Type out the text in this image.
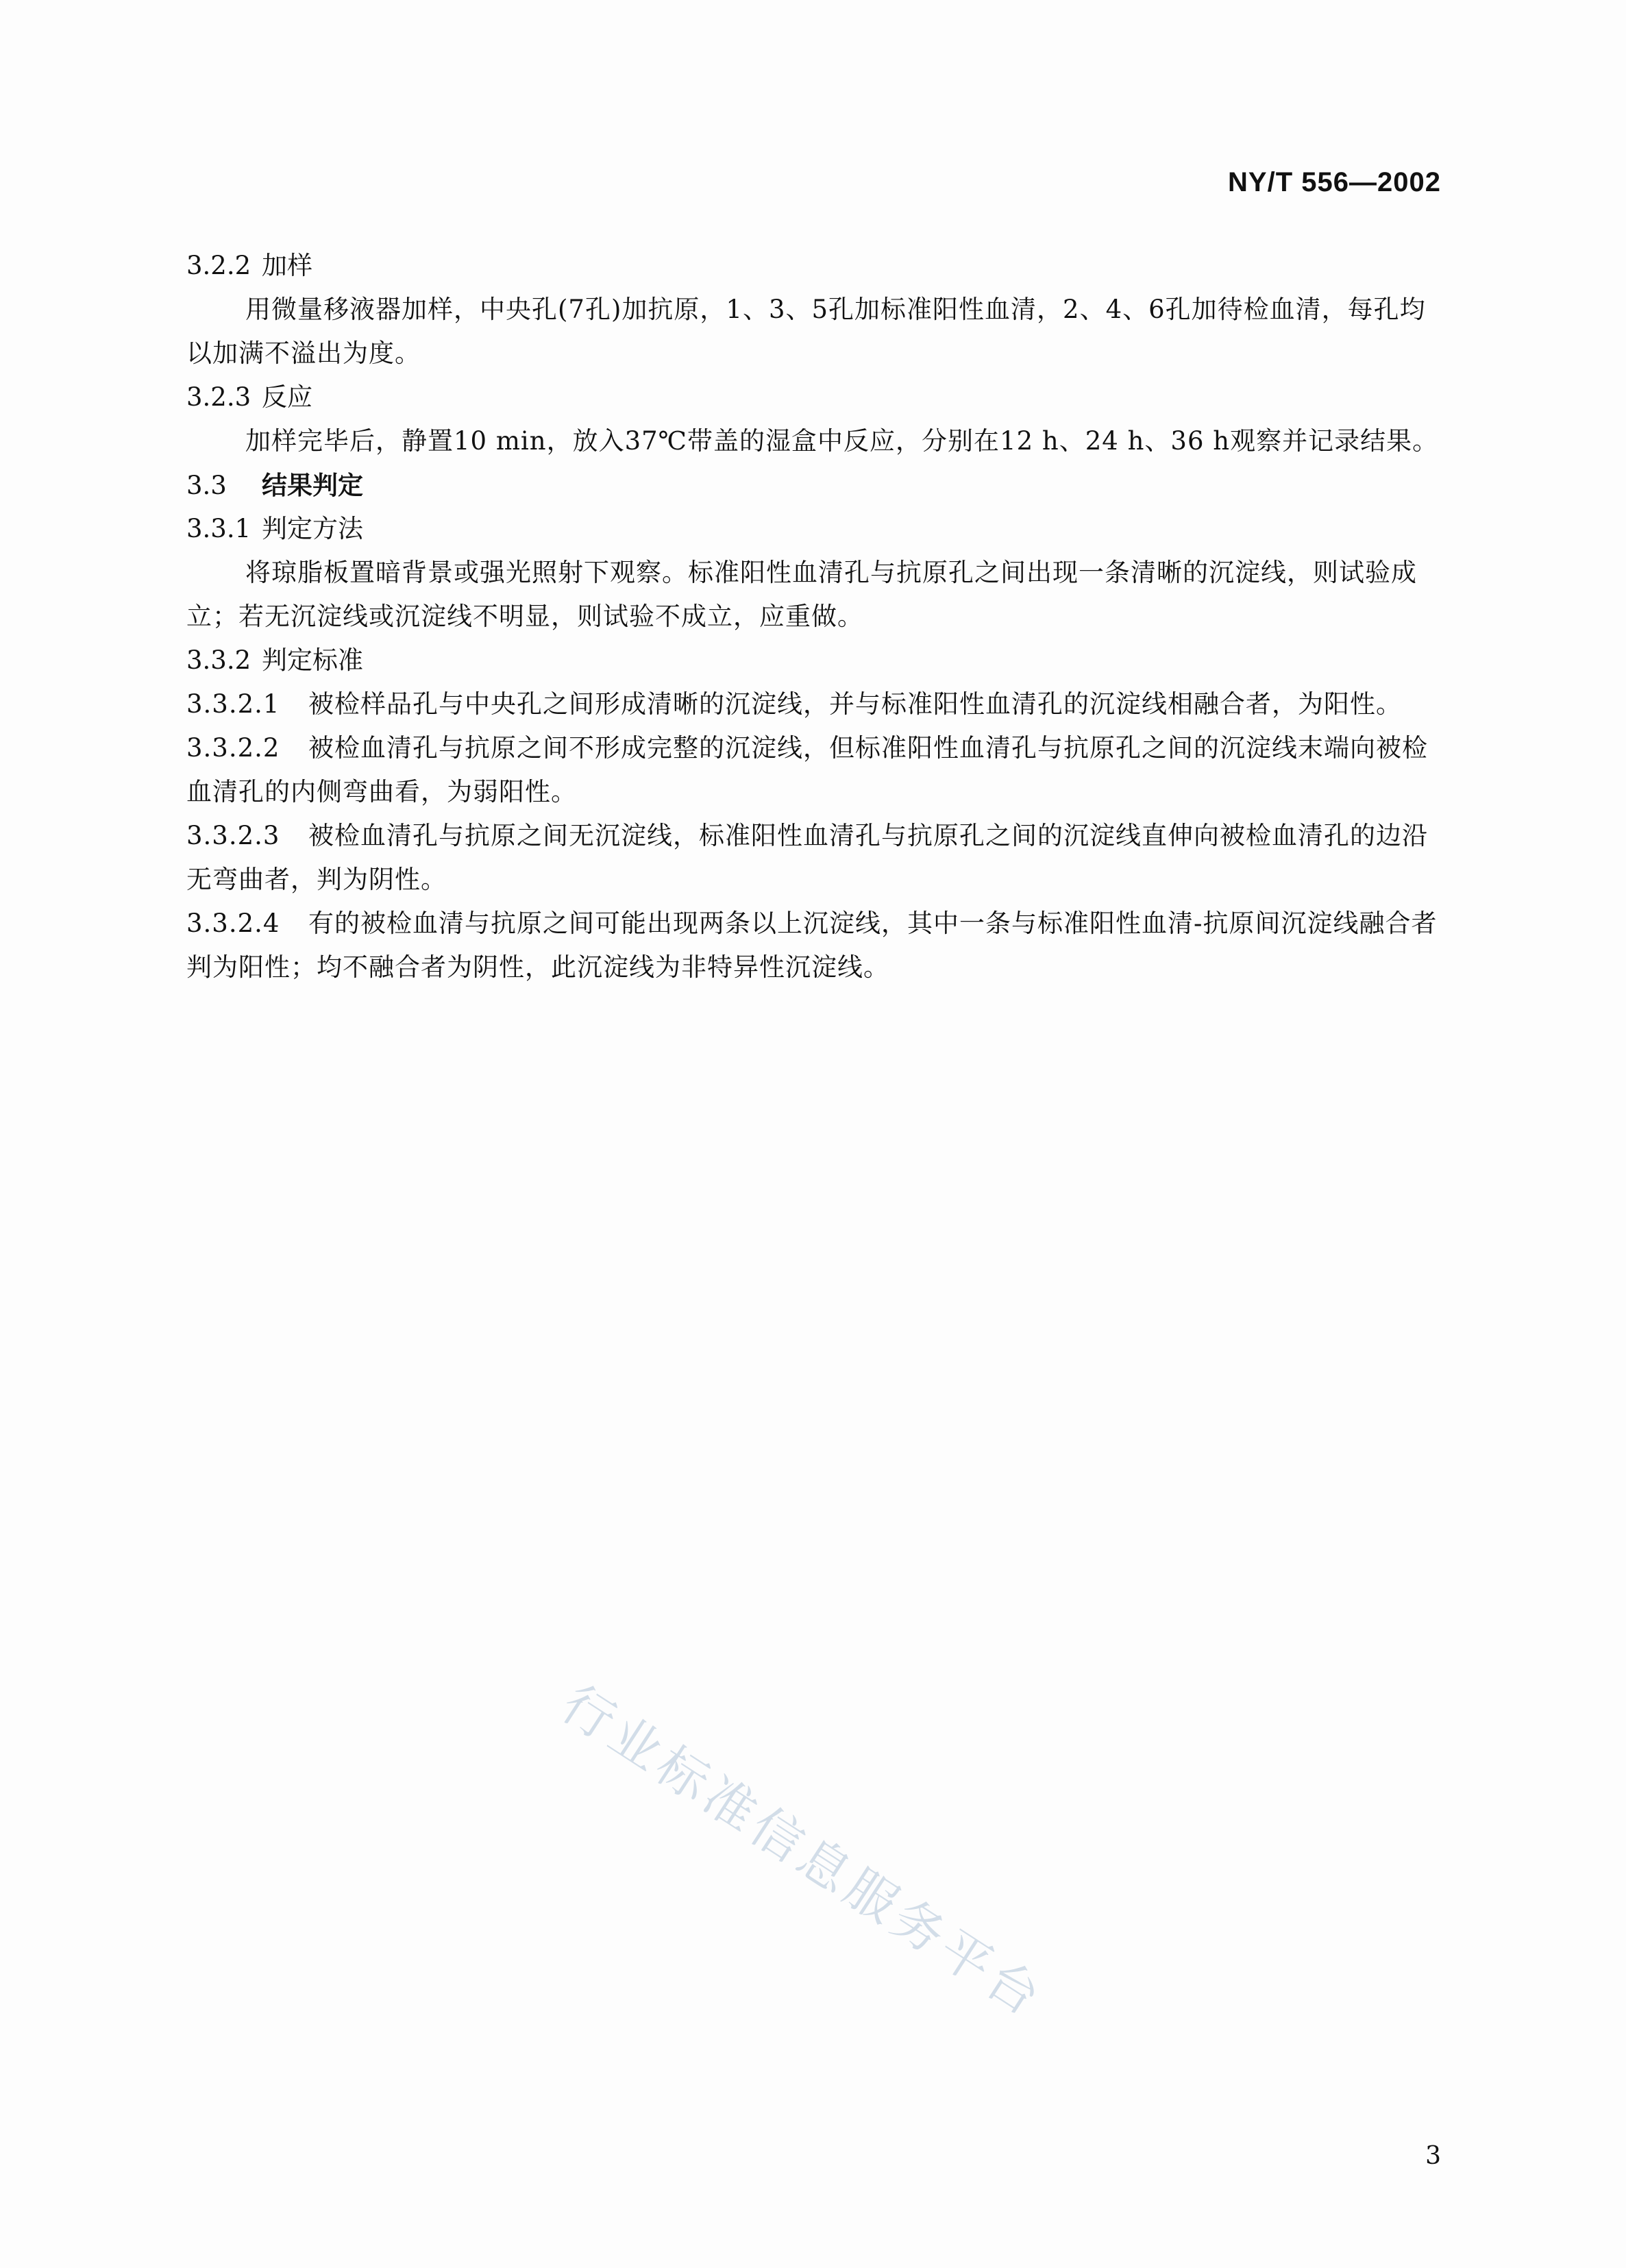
NY/T 556—2002
3.2.2 加样

用微量移液器加样，中央孔(7孔)加抗原，1、3、5孔加标准阳性血清，2、4、6孔加待检血清，每孔均以加满不溢出为度。

3.2.3 反应

加样完毕后，静置10 min，放入37℃带盖的湿盒中反应，分别在12 h、24 h、36 h观察并记录结果。

3.3 结果判定
3.3.1 判定方法

将琼脂板置暗背景或强光照射下观察。标准阳性血清孔与抗原孔之间出现一条清晰的沉淀线，则试验成立；若无沉淀线或沉淀线不明显，则试验不成立，应重做。

3.3.2 判定标准

3.3.2.1 被检样品孔与中央孔之间形成清晰的沉淀线，并与标准阳性血清孔的沉淀线相融合者，为阳性。

3.3.2.2 被检血清孔与抗原之间不形成完整的沉淀线，但标准阳性血清孔与抗原孔之间的沉淀线末端向被检血清孔的内侧弯曲看，为弱阳性。

3.3.2.3 被检血清孔与抗原之间无沉淀线，标准阳性血清孔与抗原孔之间的沉淀线直伸向被检血清孔的边沿无弯曲者，判为阴性。

3.3.2.4 有的被检血清与抗原之间可能出现两条以上沉淀线，其中一条与标准阳性血清-抗原间沉淀线融合者判为阳性；均不融合者为阴性，此沉淀线为非特异性沉淀线。

行业标准信息服务平台
3
